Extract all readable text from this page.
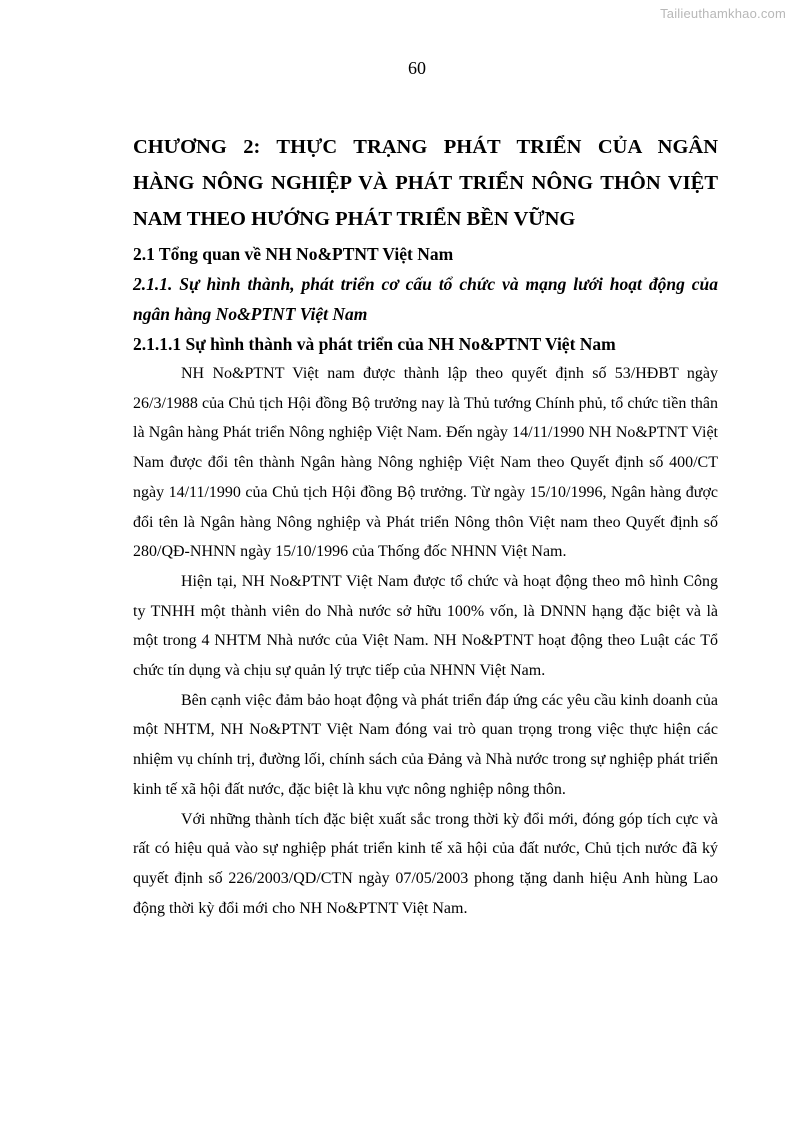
Tailieuthamkhao.com
60
CHƯƠNG 2: THỰC TRẠNG PHÁT TRIỂN CỦA NGÂN
HÀNG NÔNG NGHIỆP VÀ PHÁT TRIỂN NÔNG THÔN VIỆT
NAM THEO HƯỚNG PHÁT TRIỂN BỀN VỮNG
2.1 Tổng quan về NH No&PTNT Việt Nam
2.1.1. Sự hình thành, phát triển cơ cấu tổ chức và mạng lưới hoạt động của
ngân hàng No&PTNT Việt Nam
2.1.1.1 Sự hình thành và phát triển của NH No&PTNT Việt Nam

NH No&PTNT Việt nam được thành lập theo quyết định số 53/HĐBT ngày 26/3/1988 của Chủ tịch Hội đồng Bộ trưởng nay là Thủ tướng Chính phủ, tổ chức tiền thân là Ngân hàng Phát triển Nông nghiệp Việt Nam. Đến ngày 14/11/1990 NH No&PTNT Việt Nam được đổi tên thành Ngân hàng Nông nghiệp Việt Nam theo Quyết định số 400/CT ngày 14/11/1990 của Chủ tịch Hội đồng Bộ trưởng. Từ ngày 15/10/1996, Ngân hàng được đổi tên là Ngân hàng Nông nghiệp và Phát triển Nông thôn Việt nam theo Quyết định số 280/QĐ-NHNN ngày 15/10/1996 của Thống đốc NHNN Việt Nam.

Hiện tại, NH No&PTNT Việt Nam được tổ chức và hoạt động theo mô hình Công ty TNHH một thành viên do Nhà nước sở hữu 100% vốn, là DNNN hạng đặc biệt và là một trong 4 NHTM Nhà nước của Việt Nam. NH No&PTNT hoạt động theo Luật các Tổ chức tín dụng và chịu sự quản lý trực tiếp của NHNN Việt Nam.

Bên cạnh việc đảm bảo hoạt động và phát triển đáp ứng các yêu cầu kinh doanh của một NHTM, NH No&PTNT Việt Nam đóng vai trò quan trọng trong việc thực hiện các nhiệm vụ chính trị, đường lối, chính sách của Đảng và Nhà nước trong sự nghiệp phát triển kinh tế xã hội đất nước, đặc biệt là khu vực nông nghiệp nông thôn.

Với những thành tích đặc biệt xuất sắc trong thời kỳ đổi mới, đóng góp tích cực và rất có hiệu quả vào sự nghiệp phát triển kinh tế xã hội của đất nước, Chủ tịch nước đã ký quyết định số 226/2003/QD/CTN ngày 07/05/2003 phong tặng danh hiệu Anh hùng Lao động thời kỳ đổi mới cho NH No&PTNT Việt Nam.
